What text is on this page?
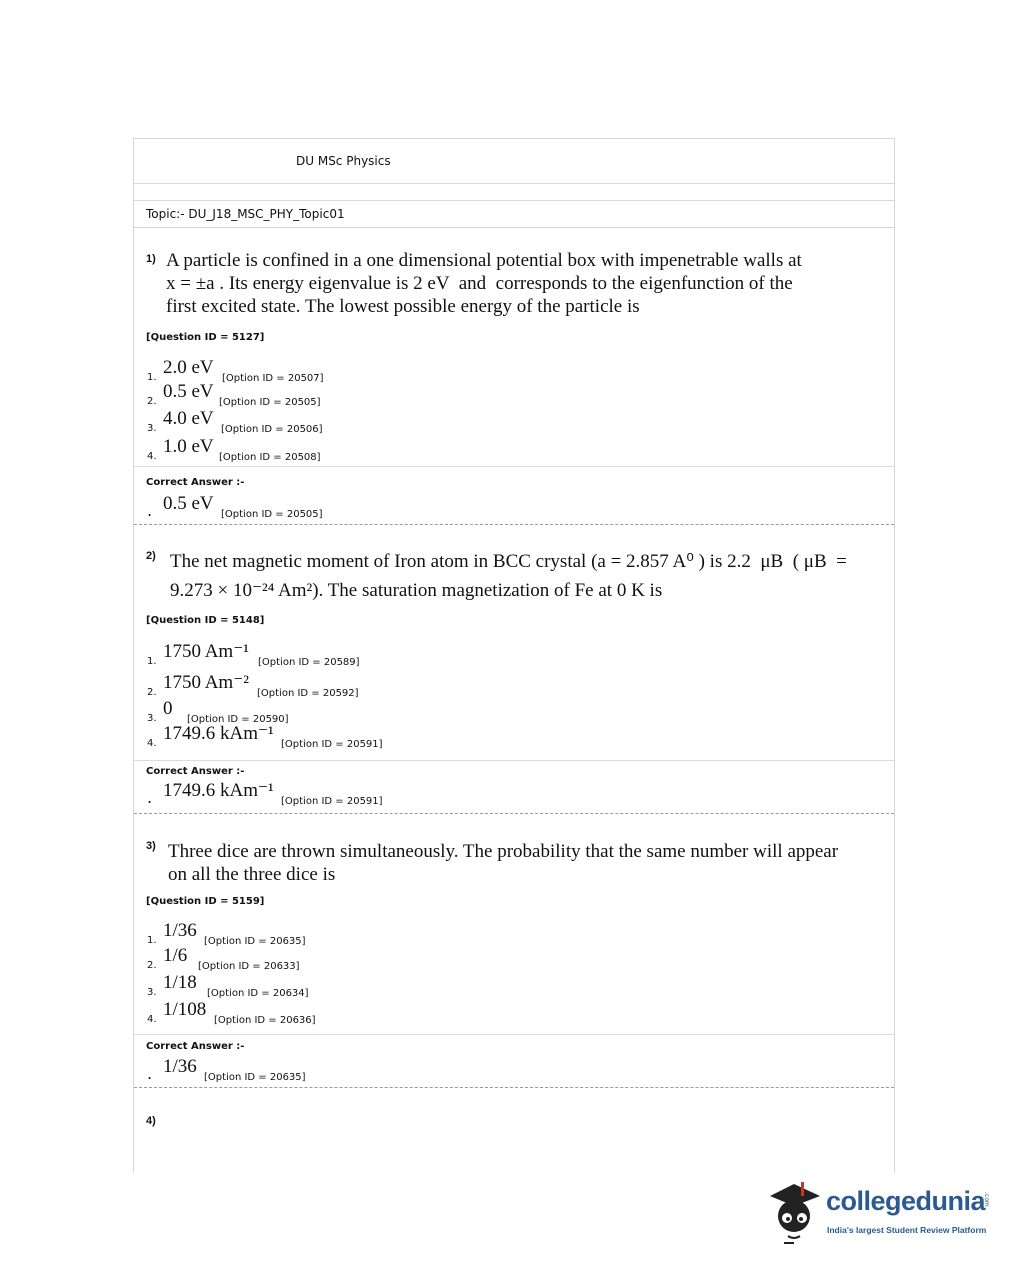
DU MSc Physics
Topic:- DU_J18_MSC_PHY_Topic01
1) A particle is confined in a one dimensional potential box with impenetrable walls at
x = ±a . Its energy eigenvalue is 2 eV  and  corresponds to the eigenfunction of the
first excited state. The lowest possible energy of the particle is
[Question ID = 5127]
1. 2.0 eV
[Option ID = 20507]
2. 0.5 eV
[Option ID = 20505]
3. 4.0 eV
[Option ID = 20506]
4. 1.0 eV
[Option ID = 20508]
Correct Answer :-
. 0.5 eV
[Option ID = 20505]
2) The net magnetic moment of Iron atom in BCC crystal (a = 2.857 A⁰ ) is 2.2  μB  ( μB  =
9.273 × 10⁻²⁴ Am²). The saturation magnetization of Fe at 0 K is
[Question ID = 5148]
1. 1750 Am⁻¹
[Option ID = 20589]
2. 1750 Am⁻²
[Option ID = 20592]
3. 0
[Option ID = 20590]
4. 1749.6 kAm⁻¹
[Option ID = 20591]
Correct Answer :-
. 1749.6 kAm⁻¹
[Option ID = 20591]
3) Three dice are thrown simultaneously. The probability that the same number will appear
on all the three dice is
[Question ID = 5159]
1. 1/36
[Option ID = 20635]
2. 1/6
[Option ID = 20633]
3. 1/18
[Option ID = 20634]
4. 1/108
[Option ID = 20636]
Correct Answer :-
. 1/36
[Option ID = 20635]
4)
collegedunia
.com
India's largest Student Review Platform
